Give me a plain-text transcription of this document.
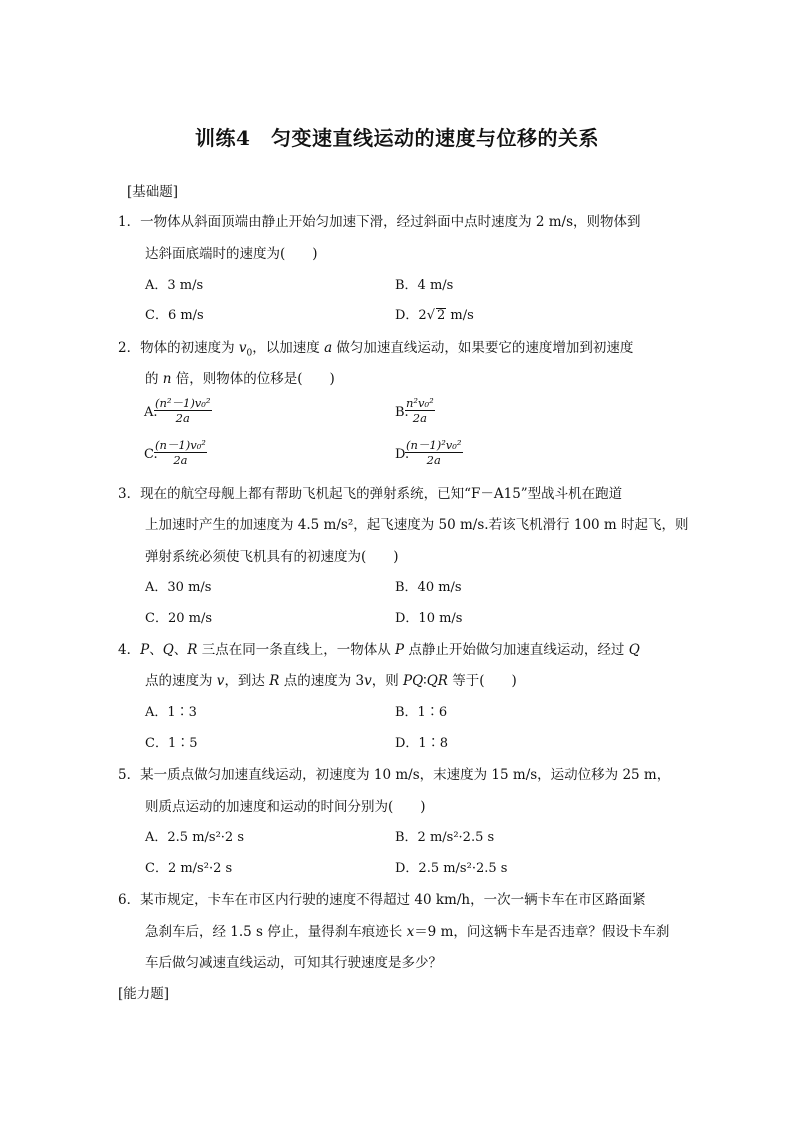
训练4　匀变速直线运动的速度与位移的关系
[基础题]
1．一物体从斜面顶端由静止开始匀加速下滑，经过斜面中点时速度为 2 m/s，则物体到
达斜面底端时的速度为(　　)
A．3 m/s	B．4 m/s
C．6 m/s	D．2√ 2 m/s
2．物体的初速度为 $v_0$，以加速度 a 做匀加速直线运动，如果要它的速度增加到初速度
的 n 倍，则物体的位移是(　　)
A.
$\frac{\text{(n²－1)v₀²}}{2a}$	B.
$\frac{\text{n²v₀²}}{2a}$
C.
$\frac{\text{(n－1)v₀²}}{2a}$	D.
$\frac{\text{(n－1)²v₀²}}{2a}$
3．现在的航空母舰上都有帮助飞机起飞的弹射系统，已知“F－A15”型战斗机在跑道
上加速时产生的加速度为 4.5 m/s²，起飞速度为 50 m/s.若该飞机滑行 100 m 时起飞，则
弹射系统必须使飞机具有的初速度为(　　)
A．30 m/s	B．40 m/s
C．20 m/s	D．10 m/s
4．P、Q、R 三点在同一条直线上，一物体从 P 点静止开始做匀加速直线运动，经过 Q
点的速度为 v，到达 R 点的速度为 3v，则 PQ∶QR 等于(　　)
A．1∶3	B．1∶6
C．1∶5	D．1∶8
5．某一质点做匀加速直线运动，初速度为 10 m/s，末速度为 15 m/s，运动位移为 25 m，
则质点运动的加速度和运动的时间分别为(　　)
A．2.5 m/s²·2 s	B．2 m/s²·2.5 s
C．2 m/s²·2 s	D．2.5 m/s²·2.5 s
6．某市规定，卡车在市区内行驶的速度不得超过 40 km/h，一次一辆卡车在市区路面紧
急刹车后，经 1.5 s 停止，量得刹车痕迹长 x＝9 m，问这辆卡车是否违章？假设卡车刹
车后做匀减速直线运动，可知其行驶速度是多少？
[能力题]
